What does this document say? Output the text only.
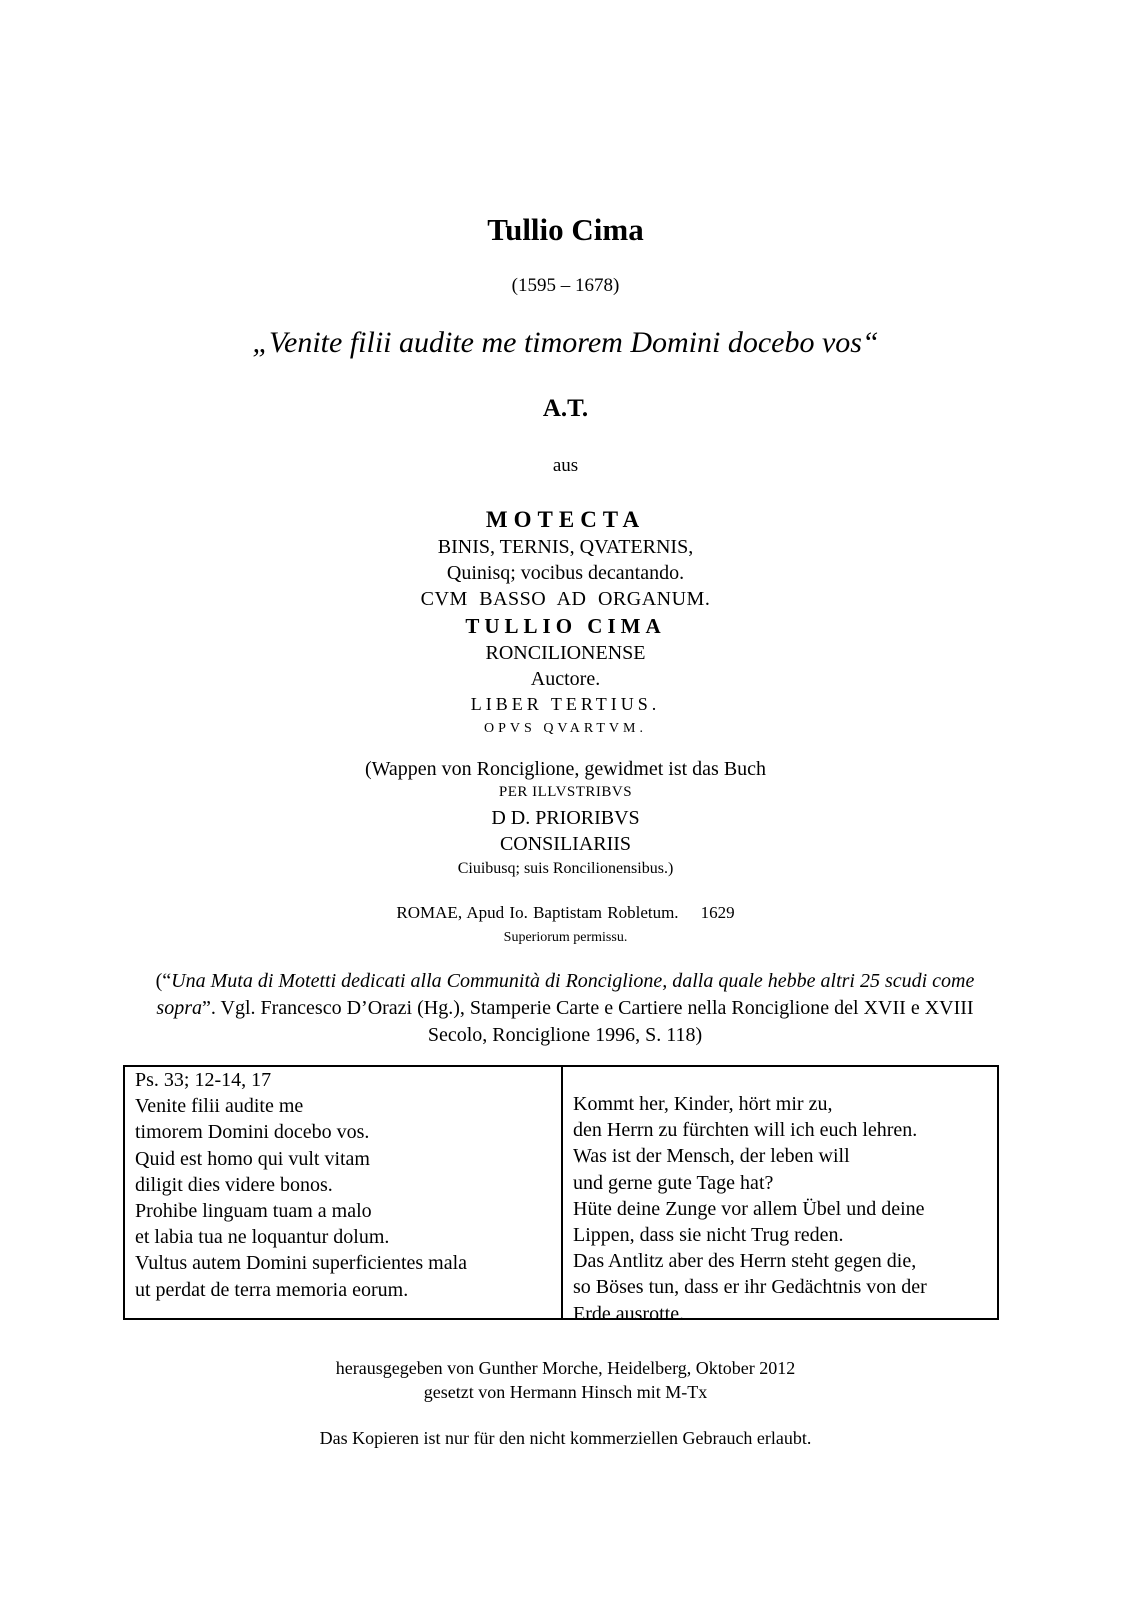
Tullio Cima
(1595 – 1678)
„Venite filii audite me timorem Domini docebo vos“
A.T.
aus
MOTECTA
BINIS, TERNIS, QVATERNIS,
Quinisq; vocibus decantando.
CVM BASSO AD ORGANUM.
TULLIO CIMA
RONCILIONENSE
Auctore.
LIBER TERTIUS.
OPVS QVARTVM.
(Wappen von Ronciglione, gewidmet ist das Buch
PER ILLVSTRIBVS
D D. PRIORIBVS
CONSILIARIIS
Ciuibusq; suis Roncilionensibus.)
ROMAE, Apud Io. Baptistam Robletum. 1629
Superiorum permissu.
(“Una Muta di Motetti dedicati alla Communità di Ronciglione, dalla quale hebbe altri 25 scudi come sopra”. Vgl. Francesco D’Orazi (Hg.), Stamperie Carte e Cartiere nella Ronciglione del XVII e XVIII Secolo, Ronciglione 1996, S. 118)
Ps. 33; 12-14, 17
Venite filii audite me
timorem Domini docebo vos.
Quid est homo qui vult vitam
diligit dies videre bonos.
Prohibe linguam tuam a malo
et labia tua ne loquantur dolum.
Vultus autem Domini superficientes mala
ut perdat de terra memoria eorum.
Kommt her, Kinder, hört mir zu,
den Herrn zu fürchten will ich euch lehren.
Was ist der Mensch, der leben will
und gerne gute Tage hat?
Hüte deine Zunge vor allem Übel und deine
Lippen, dass sie nicht Trug reden.
Das Antlitz aber des Herrn steht gegen die,
so Böses tun, dass er ihr Gedächtnis von der
Erde ausrotte.
herausgegeben von Gunther Morche, Heidelberg, Oktober 2012
gesetzt von Hermann Hinsch mit M-Tx
Das Kopieren ist nur für den nicht kommerziellen Gebrauch erlaubt.
